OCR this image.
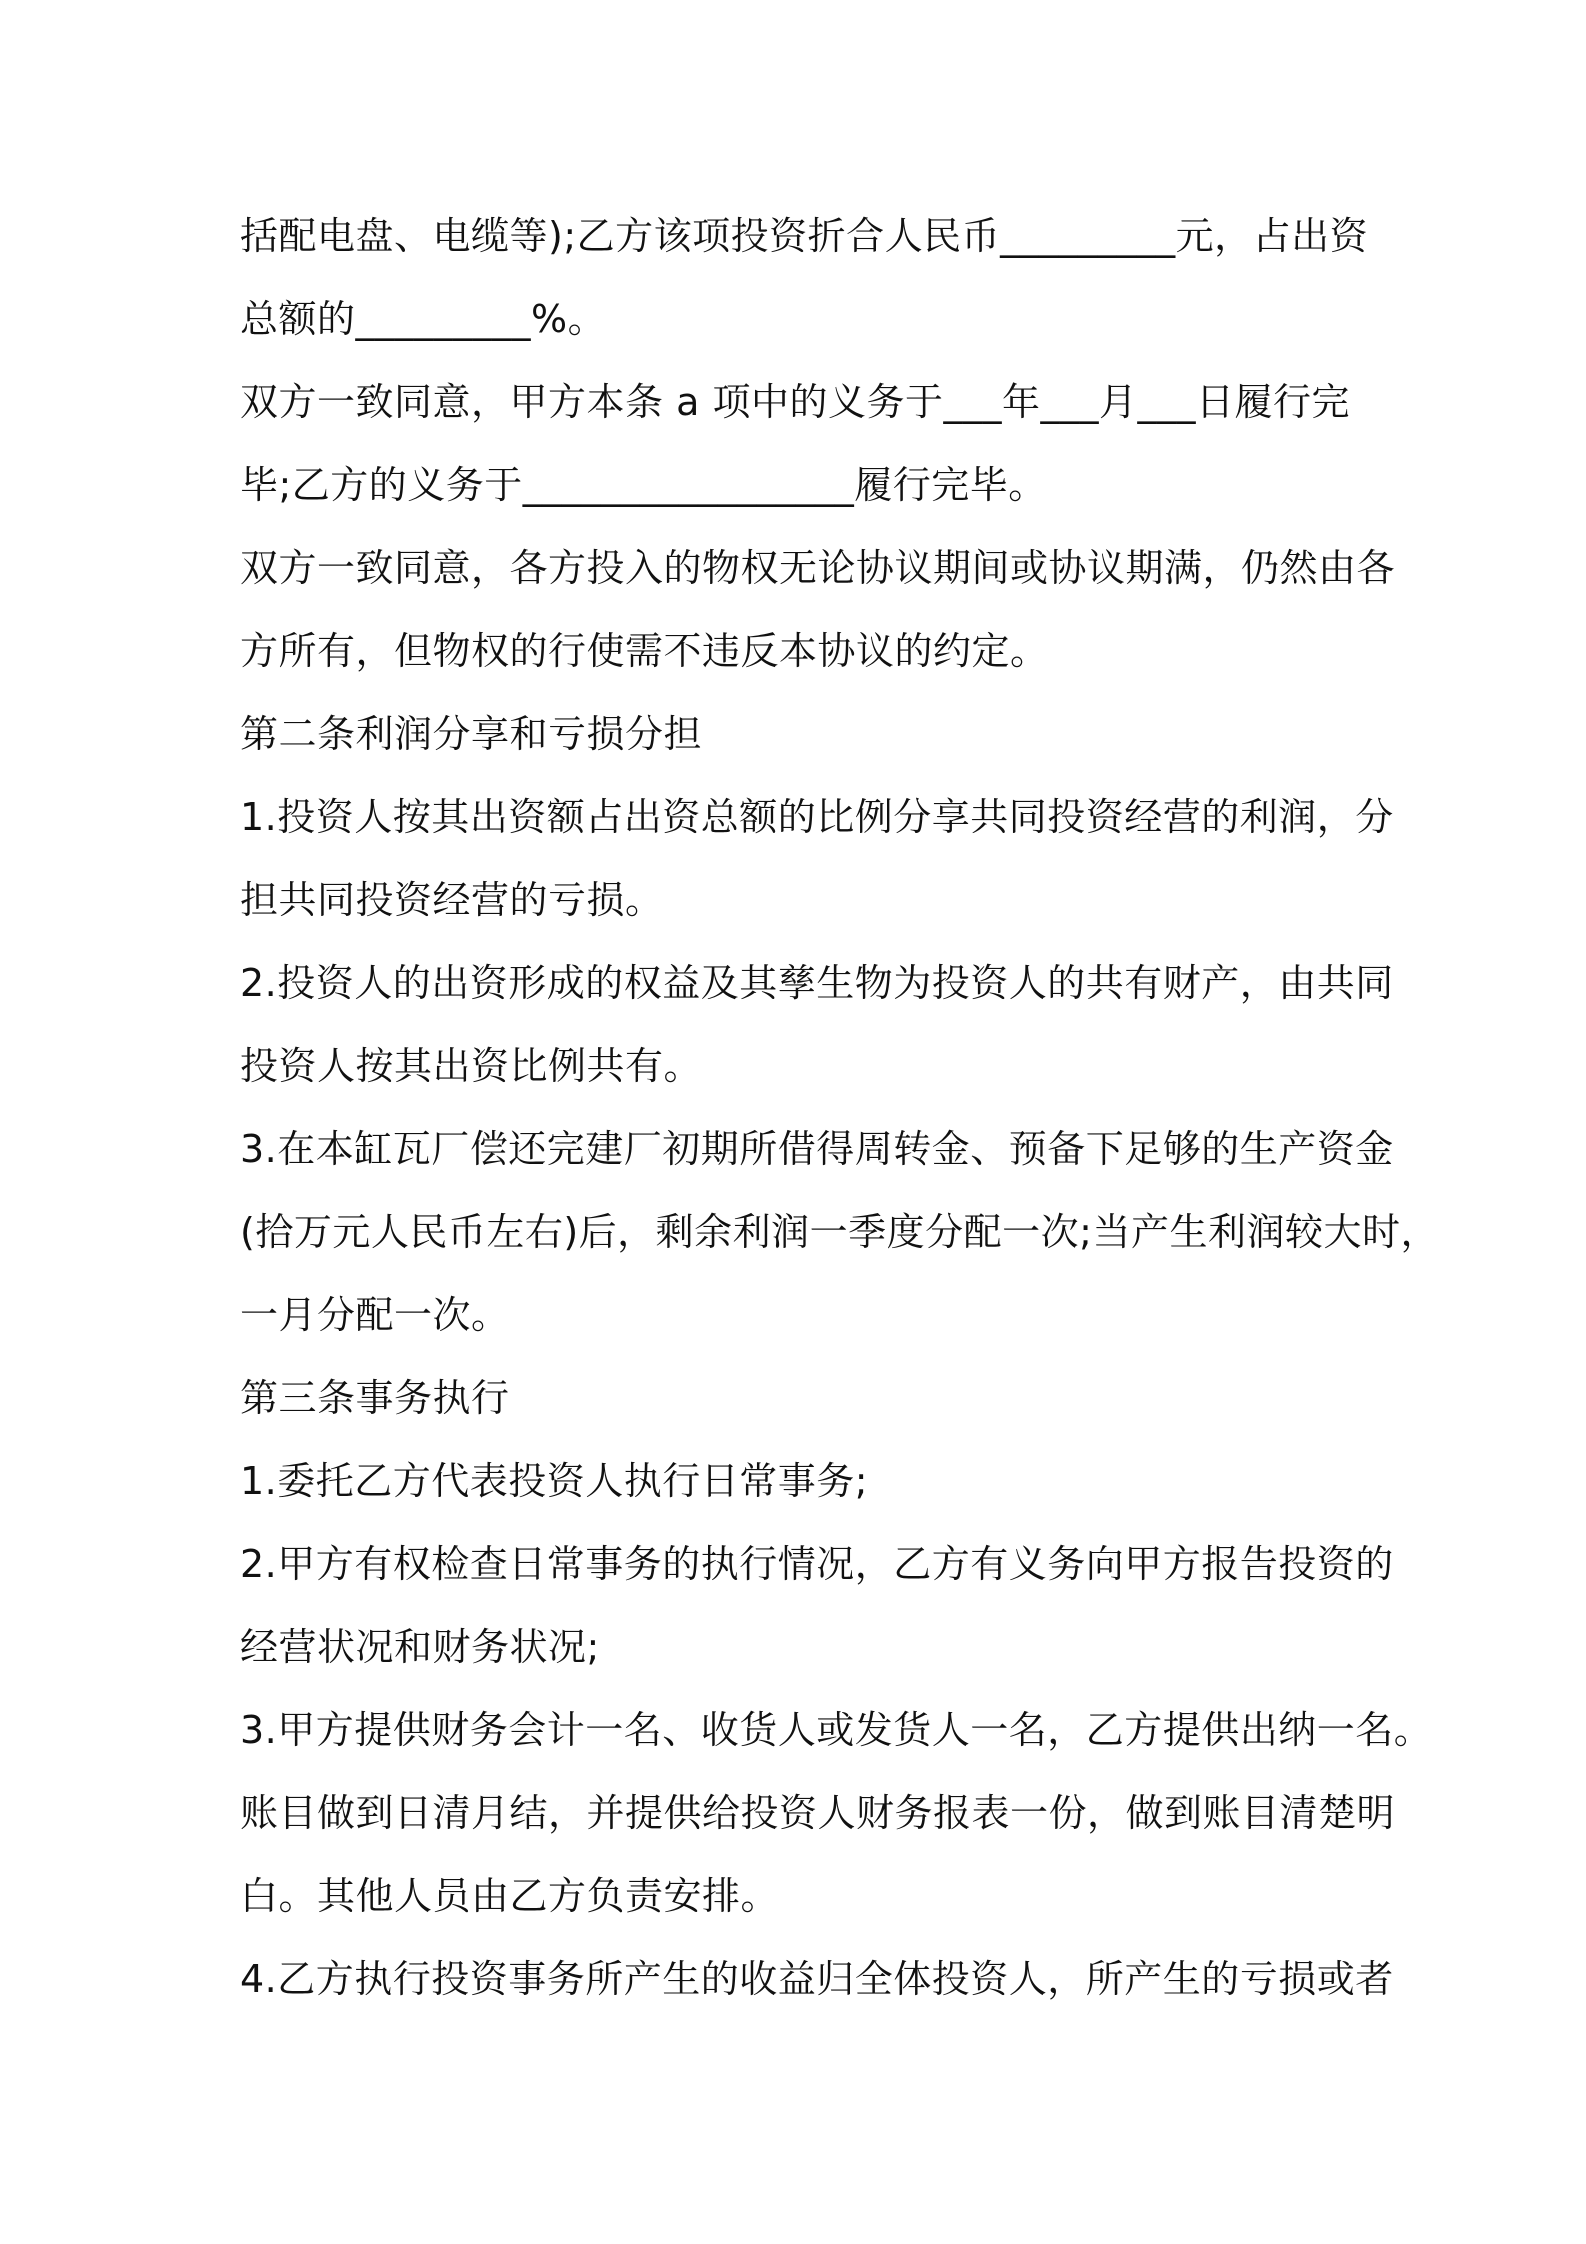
括配电盘、电缆等);乙方该项投资折合人民币_________元，占出资
总额的_________%。
双方一致同意，甲方本条 a 项中的义务于___年___月___日履行完
毕;乙方的义务于_________________履行完毕。
双方一致同意，各方投入的物权无论协议期间或协议期满，仍然由各
方所有，但物权的行使需不违反本协议的约定。
第二条利润分享和亏损分担
1.投资人按其出资额占出资总额的比例分享共同投资经营的利润，分
担共同投资经营的亏损。
2.投资人的出资形成的权益及其孳生物为投资人的共有财产，由共同
投资人按其出资比例共有。
3.在本缸瓦厂偿还完建厂初期所借得周转金、预备下足够的生产资金
(拾万元人民币左右)后，剩余利润一季度分配一次;当产生利润较大时，
一月分配一次。
第三条事务执行
1.委托乙方代表投资人执行日常事务;
2.甲方有权检查日常事务的执行情况，乙方有义务向甲方报告投资的
经营状况和财务状况;
3.甲方提供财务会计一名、收货人或发货人一名，乙方提供出纳一名。
账目做到日清月结，并提供给投资人财务报表一份，做到账目清楚明
白。其他人员由乙方负责安排。
4.乙方执行投资事务所产生的收益归全体投资人，所产生的亏损或者
